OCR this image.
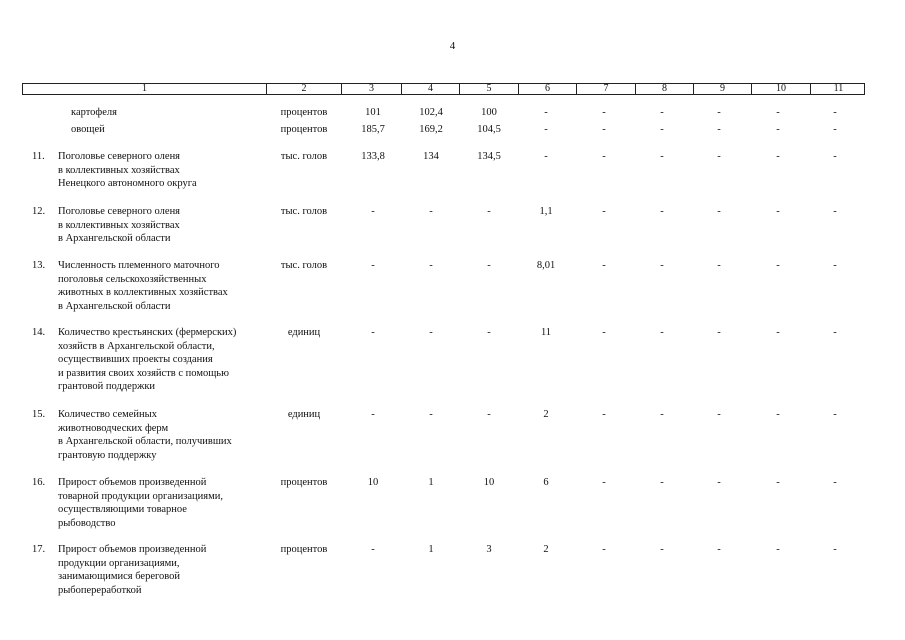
4
1	2	3	4	5	6	7	8	9	10	11
картофеля	процентов	101	102,4	100	-	-	-	-	-	-
овощей	процентов	185,7	169,2	104,5	-	-	-	-	-	-
11. Поголовье северного оленя
в коллективных хозяйствах
Ненецкого автономного округа
тыс. голов	133,8	134	134,5	-	-	-	-	-	-
12. Поголовье северного оленя
в коллективных хозяйствах
в Архангельской области
тыс. голов	-	-	-	1,1	-	-	-	-	-
13. Численность племенного маточного
поголовья сельскохозяйственных
животных в коллективных хозяйствах
в Архангельской области
тыс. голов	-	-	-	8,01	-	-	-	-	-
14. Количество крестьянских (фермерских)
хозяйств в Архангельской области,
осуществивших проекты создания
и развития своих хозяйств с помощью
грантовой поддержки
единиц	-	-	-	11	-	-	-	-	-
15. Количество семейных
животноводческих ферм
в Архангельской области, получивших
грантовую поддержку
единиц	-	-	-	2	-	-	-	-	-
16. Прирост объемов произведенной
товарной продукции организациями,
осуществляющими товарное
рыбоводство
процентов	10	1	10	6	-	-	-	-	-
17. Прирост объемов произведенной
продукции организациями,
занимающимися береговой
рыбопереработкой
процентов	-	1	3	2	-	-	-	-	-
